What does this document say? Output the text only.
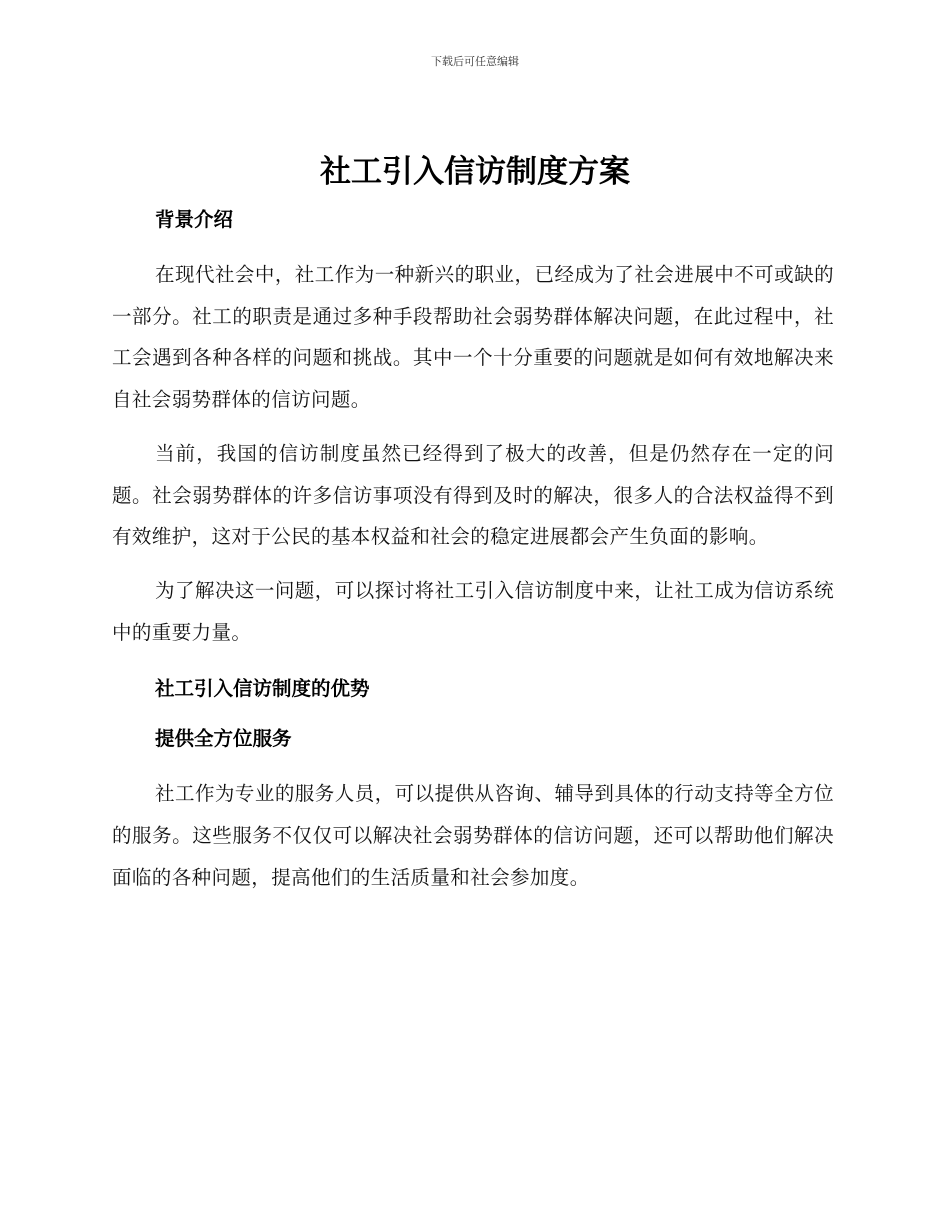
下载后可任意编辑
社工引入信访制度方案
背景介绍

在现代社会中，社工作为一种新兴的职业，已经成为了社会进展中不可或缺的一部分。社工的职责是通过多种手段帮助社会弱势群体解决问题，在此过程中，社工会遇到各种各样的问题和挑战。其中一个十分重要的问题就是如何有效地解决来自社会弱势群体的信访问题。

当前，我国的信访制度虽然已经得到了极大的改善，但是仍然存在一定的问题。社会弱势群体的许多信访事项没有得到及时的解决，很多人的合法权益得不到有效维护，这对于公民的基本权益和社会的稳定进展都会产生负面的影响。

为了解决这一问题，可以探讨将社工引入信访制度中来，让社工成为信访系统中的重要力量。

社工引入信访制度的优势
提供全方位服务

社工作为专业的服务人员，可以提供从咨询、辅导到具体的行动支持等全方位的服务。这些服务不仅仅可以解决社会弱势群体的信访问题，还可以帮助他们解决面临的各种问题，提高他们的生活质量和社会参加度。
